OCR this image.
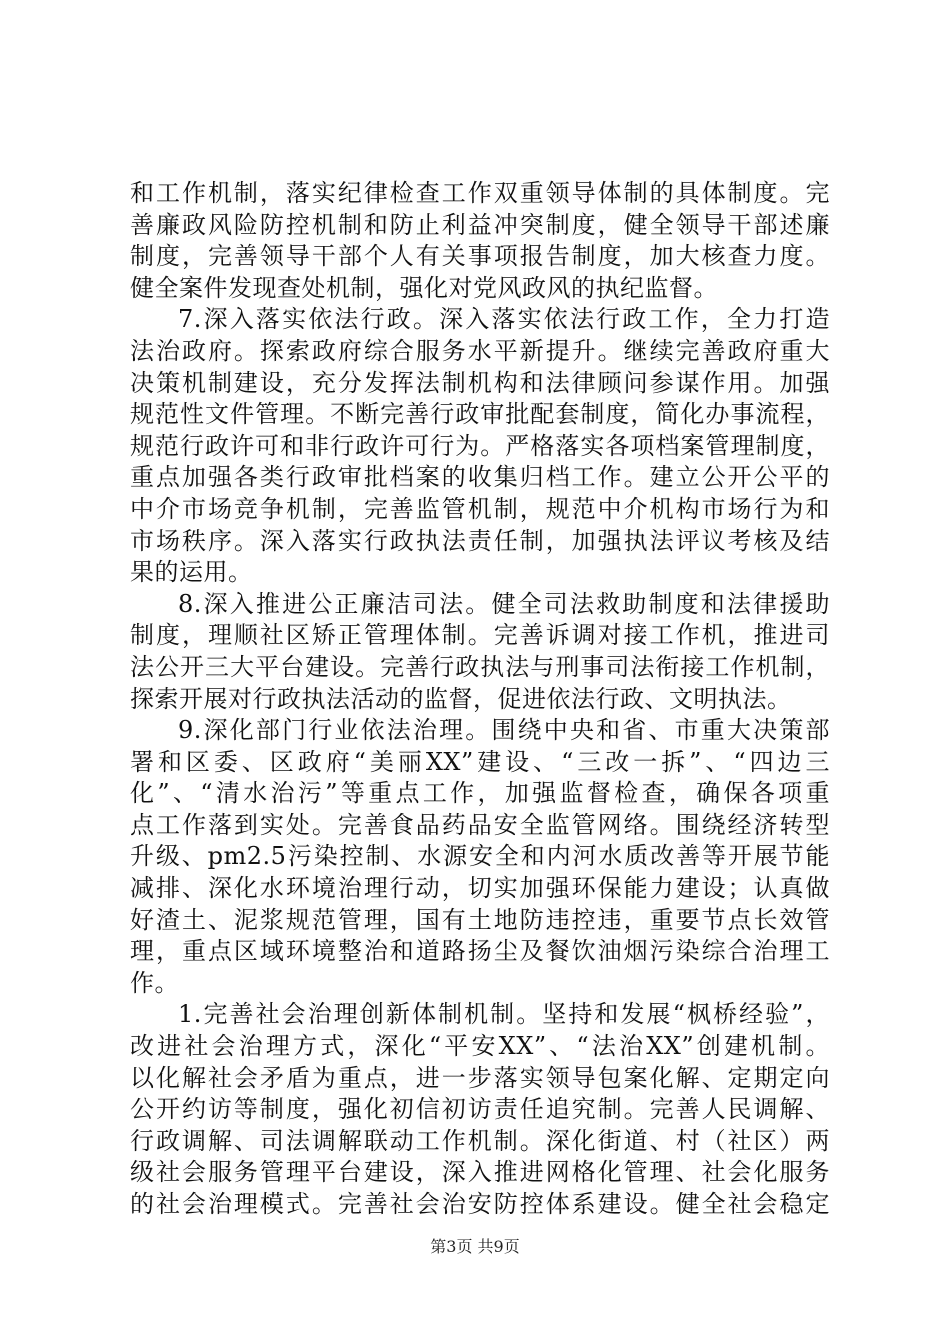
和工作机制，落实纪律检查工作双重领导体制的具体制度。完
善廉政风险防控机制和防止利益冲突制度，健全领导干部述廉
制度，完善领导干部个人有关事项报告制度，加大核查力度。
健全案件发现查处机制，强化对党风政风的执纪监督。
7.深入落实依法行政。深入落实依法行政工作，全力打造
法治政府。探索政府综合服务水平新提升。继续完善政府重大
决策机制建设，充分发挥法制机构和法律顾问参谋作用。加强
规范性文件管理。不断完善行政审批配套制度，简化办事流程，
规范行政许可和非行政许可行为。严格落实各项档案管理制度，
重点加强各类行政审批档案的收集归档工作。建立公开公平的
中介市场竞争机制，完善监管机制，规范中介机构市场行为和
市场秩序。深入落实行政执法责任制，加强执法评议考核及结
果的运用。
8.深入推进公正廉洁司法。健全司法救助制度和法律援助
制度，理顺社区矫正管理体制。完善诉调对接工作机，推进司
法公开三大平台建设。完善行政执法与刑事司法衔接工作机制，
探索开展对行政执法活动的监督，促进依法行政、文明执法。
9.深化部门行业依法治理。围绕中央和省、市重大决策部
署和区委、区政府“美丽XX”建设、“三改一拆”、“四边三
化”、“清水治污”等重点工作，加强监督检查，确保各项重
点工作落到实处。完善食品药品安全监管网络。围绕经济转型
升级、pm2.5污染控制、水源安全和内河水质改善等开展节能
减排、深化水环境治理行动，切实加强环保能力建设；认真做
好渣土、泥浆规范管理，国有土地防违控违，重要节点长效管
理，重点区域环境整治和道路扬尘及餐饮油烟污染综合治理工
作。
1.完善社会治理创新体制机制。坚持和发展“枫桥经验”，
改进社会治理方式，深化“平安XX”、“法治XX”创建机制。
以化解社会矛盾为重点，进一步落实领导包案化解、定期定向
公开约访等制度，强化初信初访责任追究制。完善人民调解、
行政调解、司法调解联动工作机制。深化街道、村（社区）两
级社会服务管理平台建设，深入推进网格化管理、社会化服务
的社会治理模式。完善社会治安防控体系建设。健全社会稳定
第3页 共9页
